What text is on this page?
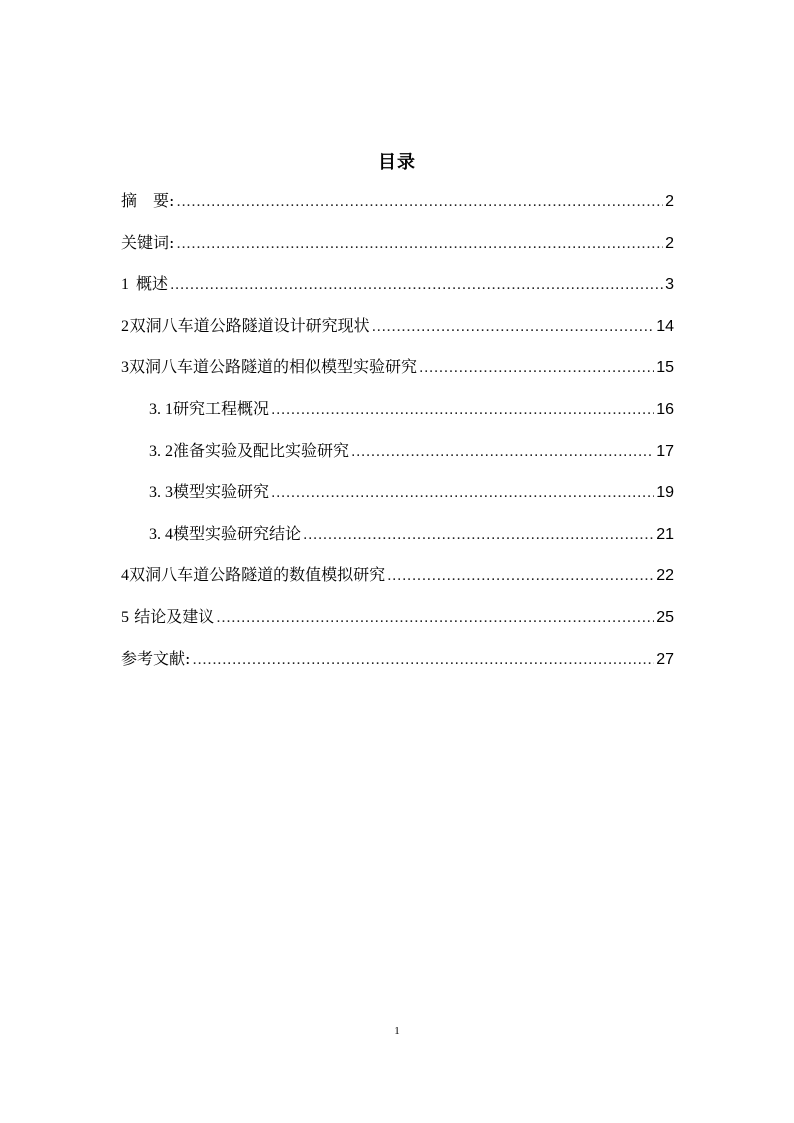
目录
摘　要: .....	2
关键词: .....	2
1 概述 .....	3
2 双洞八车道公路隧道设计研究现状 .....	14
3 双洞八车道公路隧道的相似模型实验研究 .....	15
3. 1 研究工程概况 .....	16
3. 2 准备实验及配比实验研究 .....	17
3. 3 模型实验研究 .....	19
3. 4 模型实验研究结论 .....	21
4 双洞八车道公路隧道的数值模拟研究 .....	22
5 结论及建议 .....	25
参考文献: .....	27
1
